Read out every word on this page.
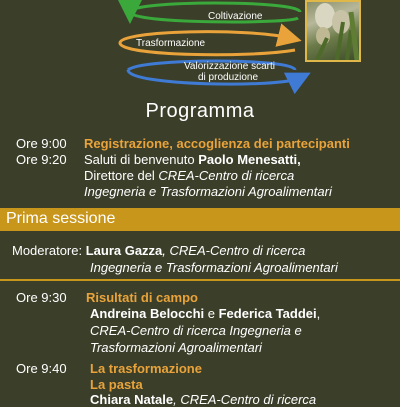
Coltivazione
Trasformazione
Valorizzazione scarti
di produzione
Programma
Ore 9:00 Registrazione, accoglienza dei partecipanti
Ore 9:20 Saluti di benvenuto Paolo Menesatti,
Direttore del CREA-Centro di ricerca
Ingegneria e Trasformazioni Agroalimentari
Prima sessione
Moderatore: Laura Gazza, CREA-Centro di ricerca
Ingegneria e Trasformazioni Agroalimentari
Ore 9:30 Risultati di campo
Andreina Belocchi e Federica Taddei,
CREA-Centro di ricerca Ingegneria e
Trasformazioni Agroalimentari
Ore 9:40 La trasformazione
La pasta
Chiara Natale, CREA-Centro di ricerca
